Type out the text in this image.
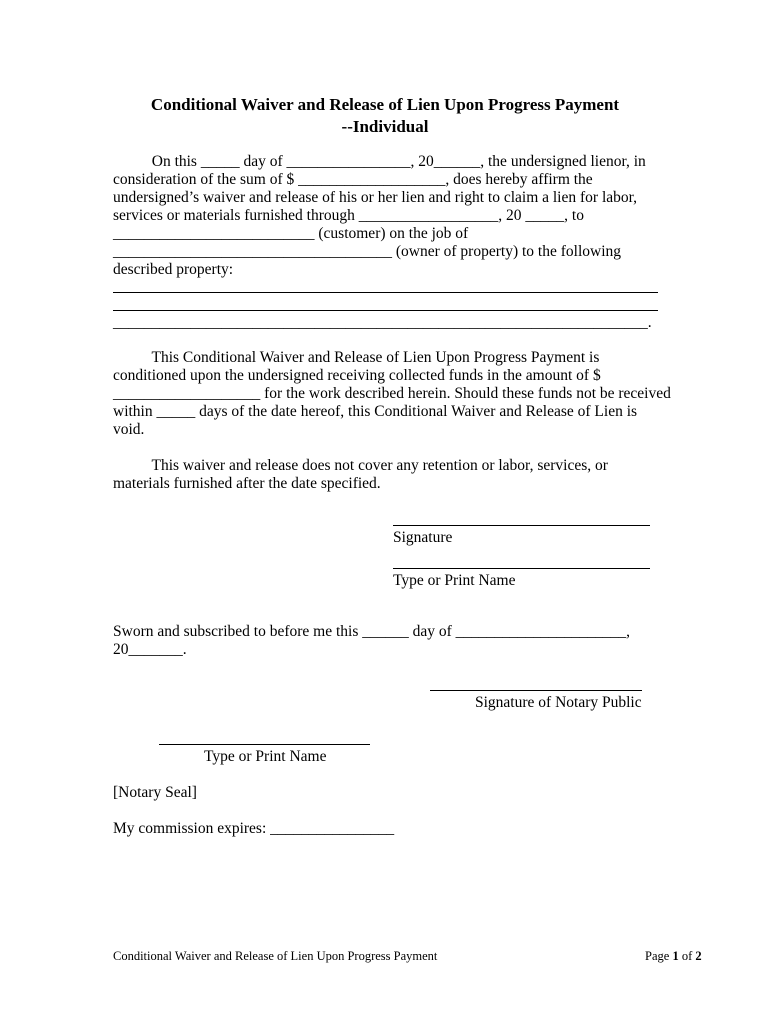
Conditional Waiver and Release of Lien Upon Progress Payment
--Individual
On this _____ day of ________________, 20______, the undersigned lienor, in
consideration of the sum of $ ___________________, does hereby affirm the
undersigned’s waiver and release of his or her lien and right to claim a lien for labor,
services or materials furnished through __________________, 20 _____, to
__________________________ (customer) on the job of
____________________________________ (owner of property) to the following
described property:
_____________________________________________________________________.
This Conditional Waiver and Release of Lien Upon Progress Payment is
conditioned upon the undersigned receiving collected funds in the amount of $
___________________ for the work described herein. Should these funds not be received
within _____ days of the date hereof, this Conditional Waiver and Release of Lien is
void.
This waiver and release does not cover any retention or labor, services, or
materials furnished after the date specified.
Signature
Type or Print Name
Sworn and subscribed to before me this ______ day of ______________________,
20_______.
Signature of Notary Public
Type or Print Name
[Notary Seal]
My commission expires: ________________
Conditional Waiver and Release of Lien Upon Progress Payment	Page 1 of 2
